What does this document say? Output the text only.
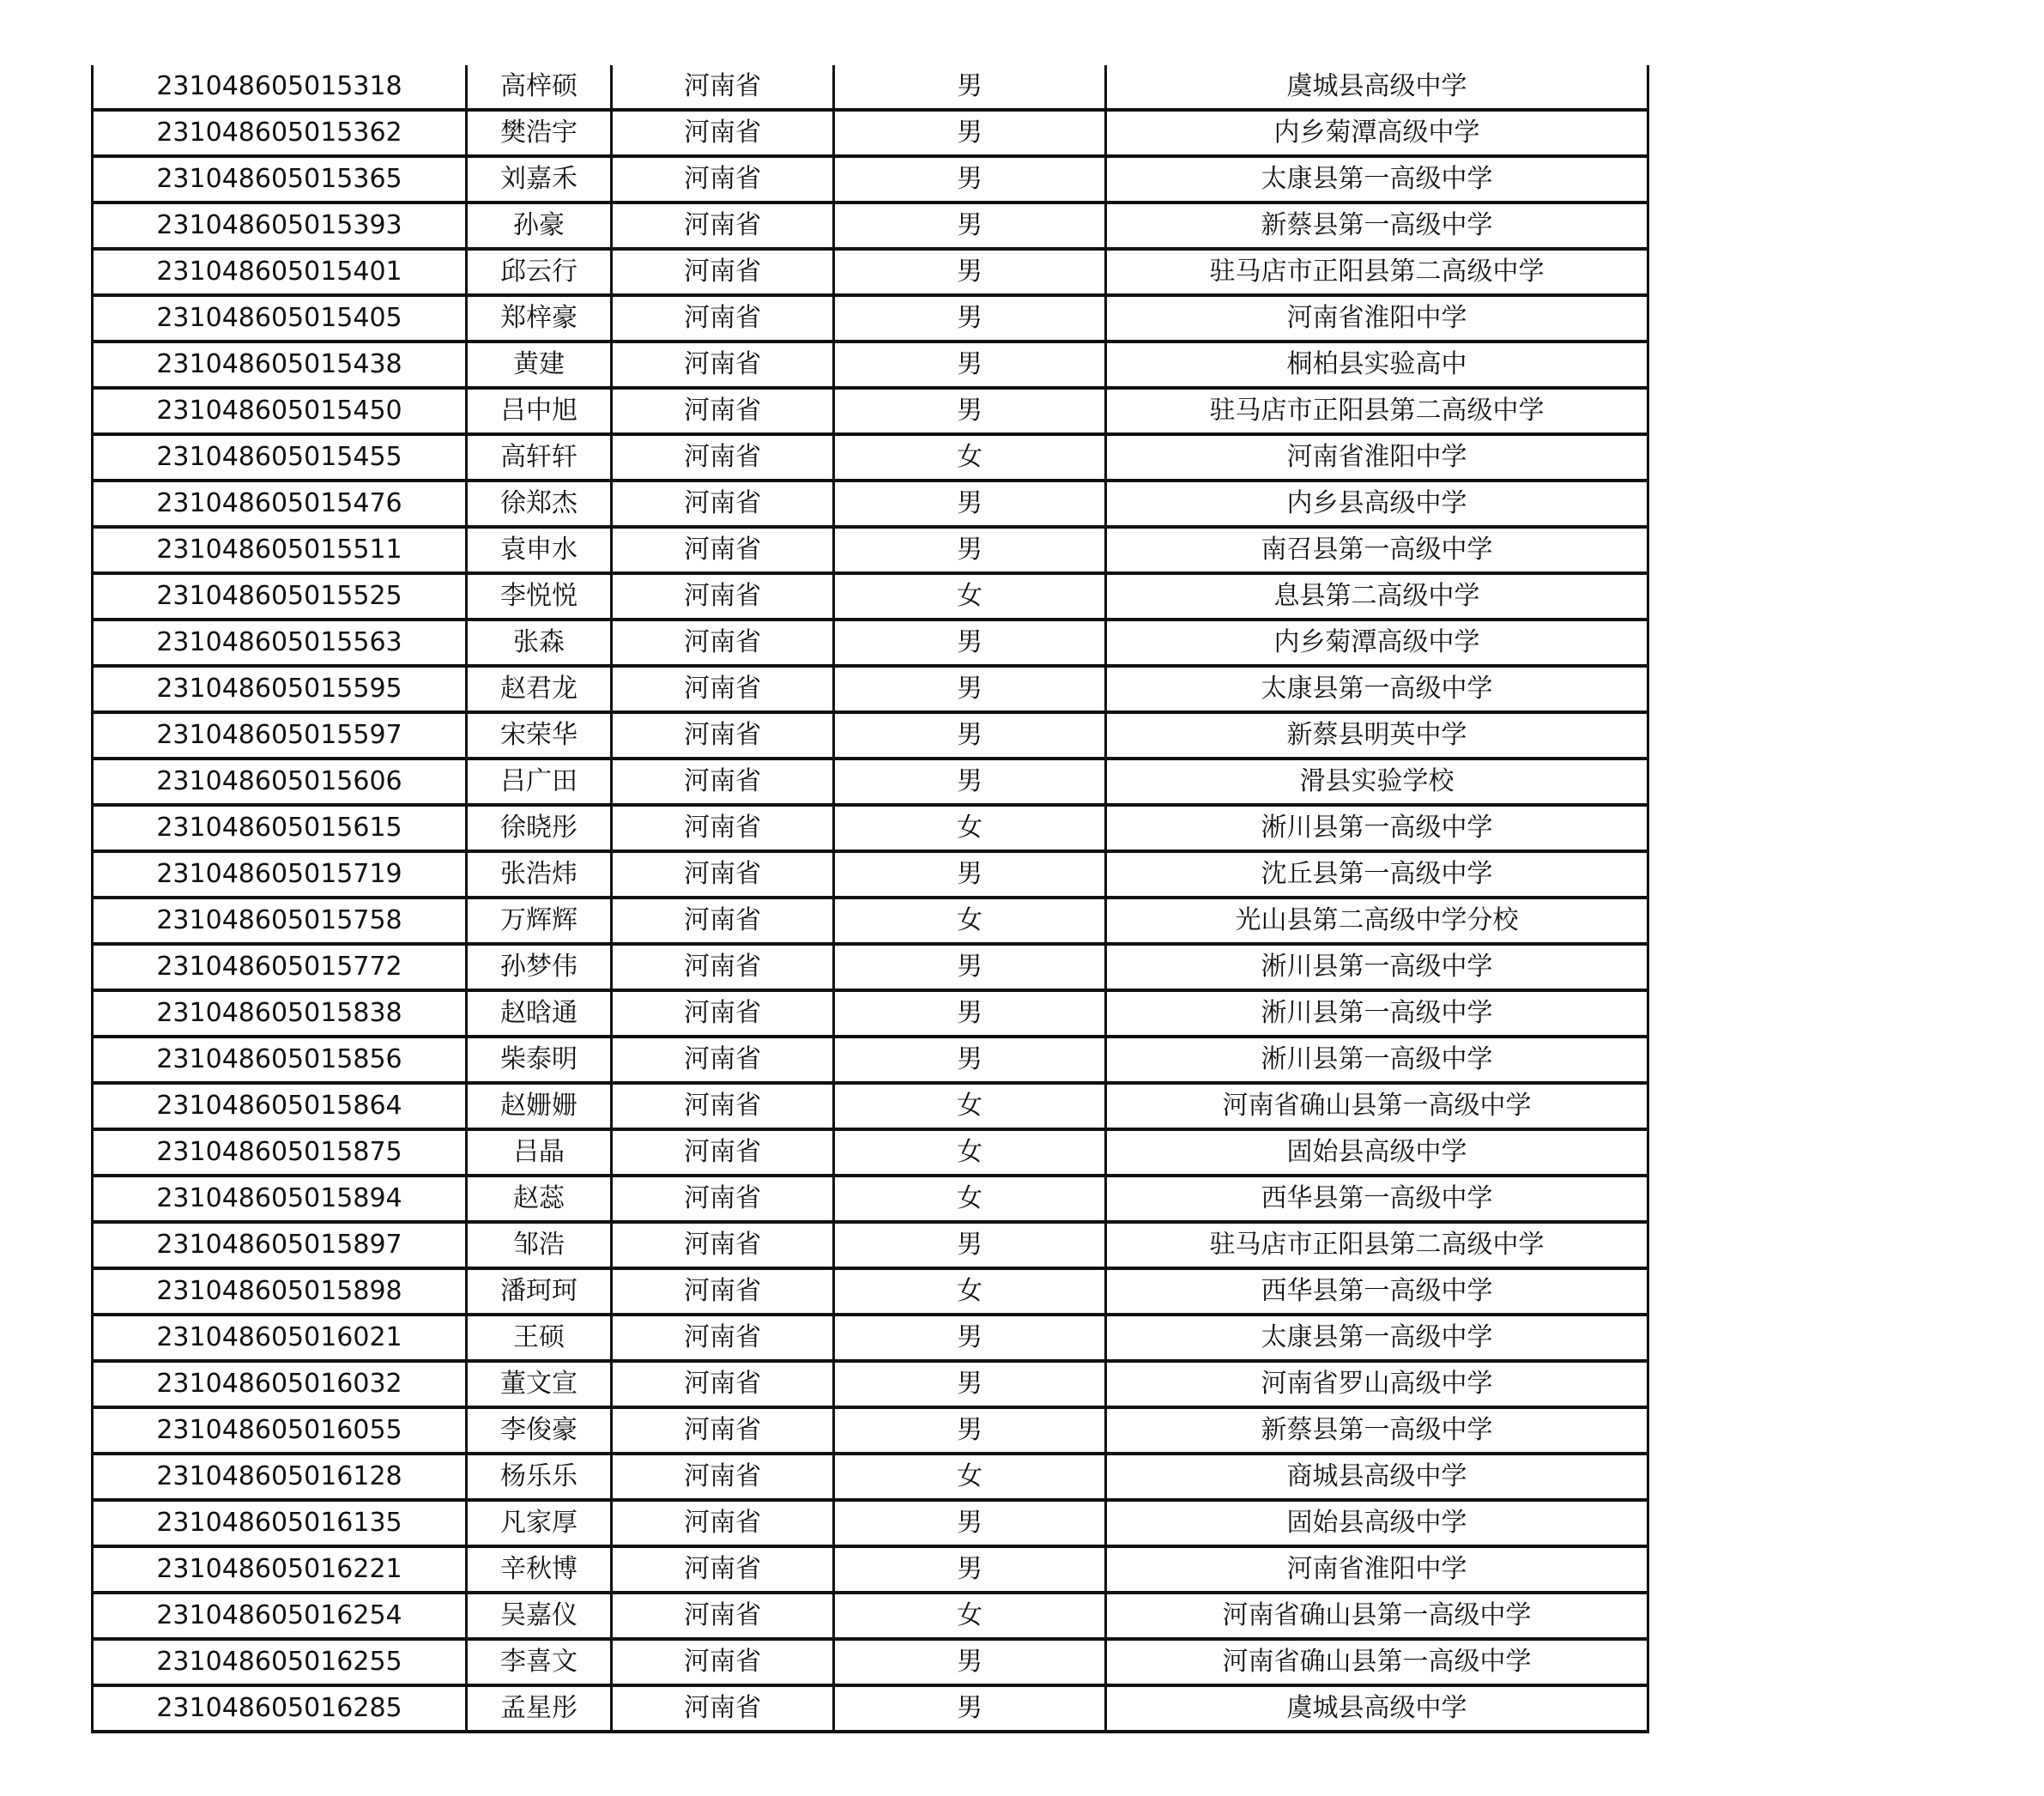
231048605015318	高梓硕	河南省	男	虞城县高级中学
231048605015362	樊浩宇	河南省	男	内乡菊潭高级中学
231048605015365	刘嘉禾	河南省	男	太康县第一高级中学
231048605015393	孙豪	河南省	男	新蔡县第一高级中学
231048605015401	邱云行	河南省	男	驻马店市正阳县第二高级中学
231048605015405	郑梓豪	河南省	男	河南省淮阳中学
231048605015438	黄建	河南省	男	桐柏县实验高中
231048605015450	吕中旭	河南省	男	驻马店市正阳县第二高级中学
231048605015455	高轩轩	河南省	女	河南省淮阳中学
231048605015476	徐郑杰	河南省	男	内乡县高级中学
231048605015511	袁申水	河南省	男	南召县第一高级中学
231048605015525	李悦悦	河南省	女	息县第二高级中学
231048605015563	张森	河南省	男	内乡菊潭高级中学
231048605015595	赵君龙	河南省	男	太康县第一高级中学
231048605015597	宋荣华	河南省	男	新蔡县明英中学
231048605015606	吕广田	河南省	男	滑县实验学校
231048605015615	徐晓彤	河南省	女	淅川县第一高级中学
231048605015719	张浩炜	河南省	男	沈丘县第一高级中学
231048605015758	万辉辉	河南省	女	光山县第二高级中学分校
231048605015772	孙梦伟	河南省	男	淅川县第一高级中学
231048605015838	赵晗通	河南省	男	淅川县第一高级中学
231048605015856	柴泰明	河南省	男	淅川县第一高级中学
231048605015864	赵姗姗	河南省	女	河南省确山县第一高级中学
231048605015875	吕晶	河南省	女	固始县高级中学
231048605015894	赵蕊	河南省	女	西华县第一高级中学
231048605015897	邹浩	河南省	男	驻马店市正阳县第二高级中学
231048605015898	潘珂珂	河南省	女	西华县第一高级中学
231048605016021	王硕	河南省	男	太康县第一高级中学
231048605016032	董文宣	河南省	男	河南省罗山高级中学
231048605016055	李俊豪	河南省	男	新蔡县第一高级中学
231048605016128	杨乐乐	河南省	女	商城县高级中学
231048605016135	凡家厚	河南省	男	固始县高级中学
231048605016221	辛秋博	河南省	男	河南省淮阳中学
231048605016254	吴嘉仪	河南省	女	河南省确山县第一高级中学
231048605016255	李喜文	河南省	男	河南省确山县第一高级中学
231048605016285	孟星彤	河南省	男	虞城县高级中学
